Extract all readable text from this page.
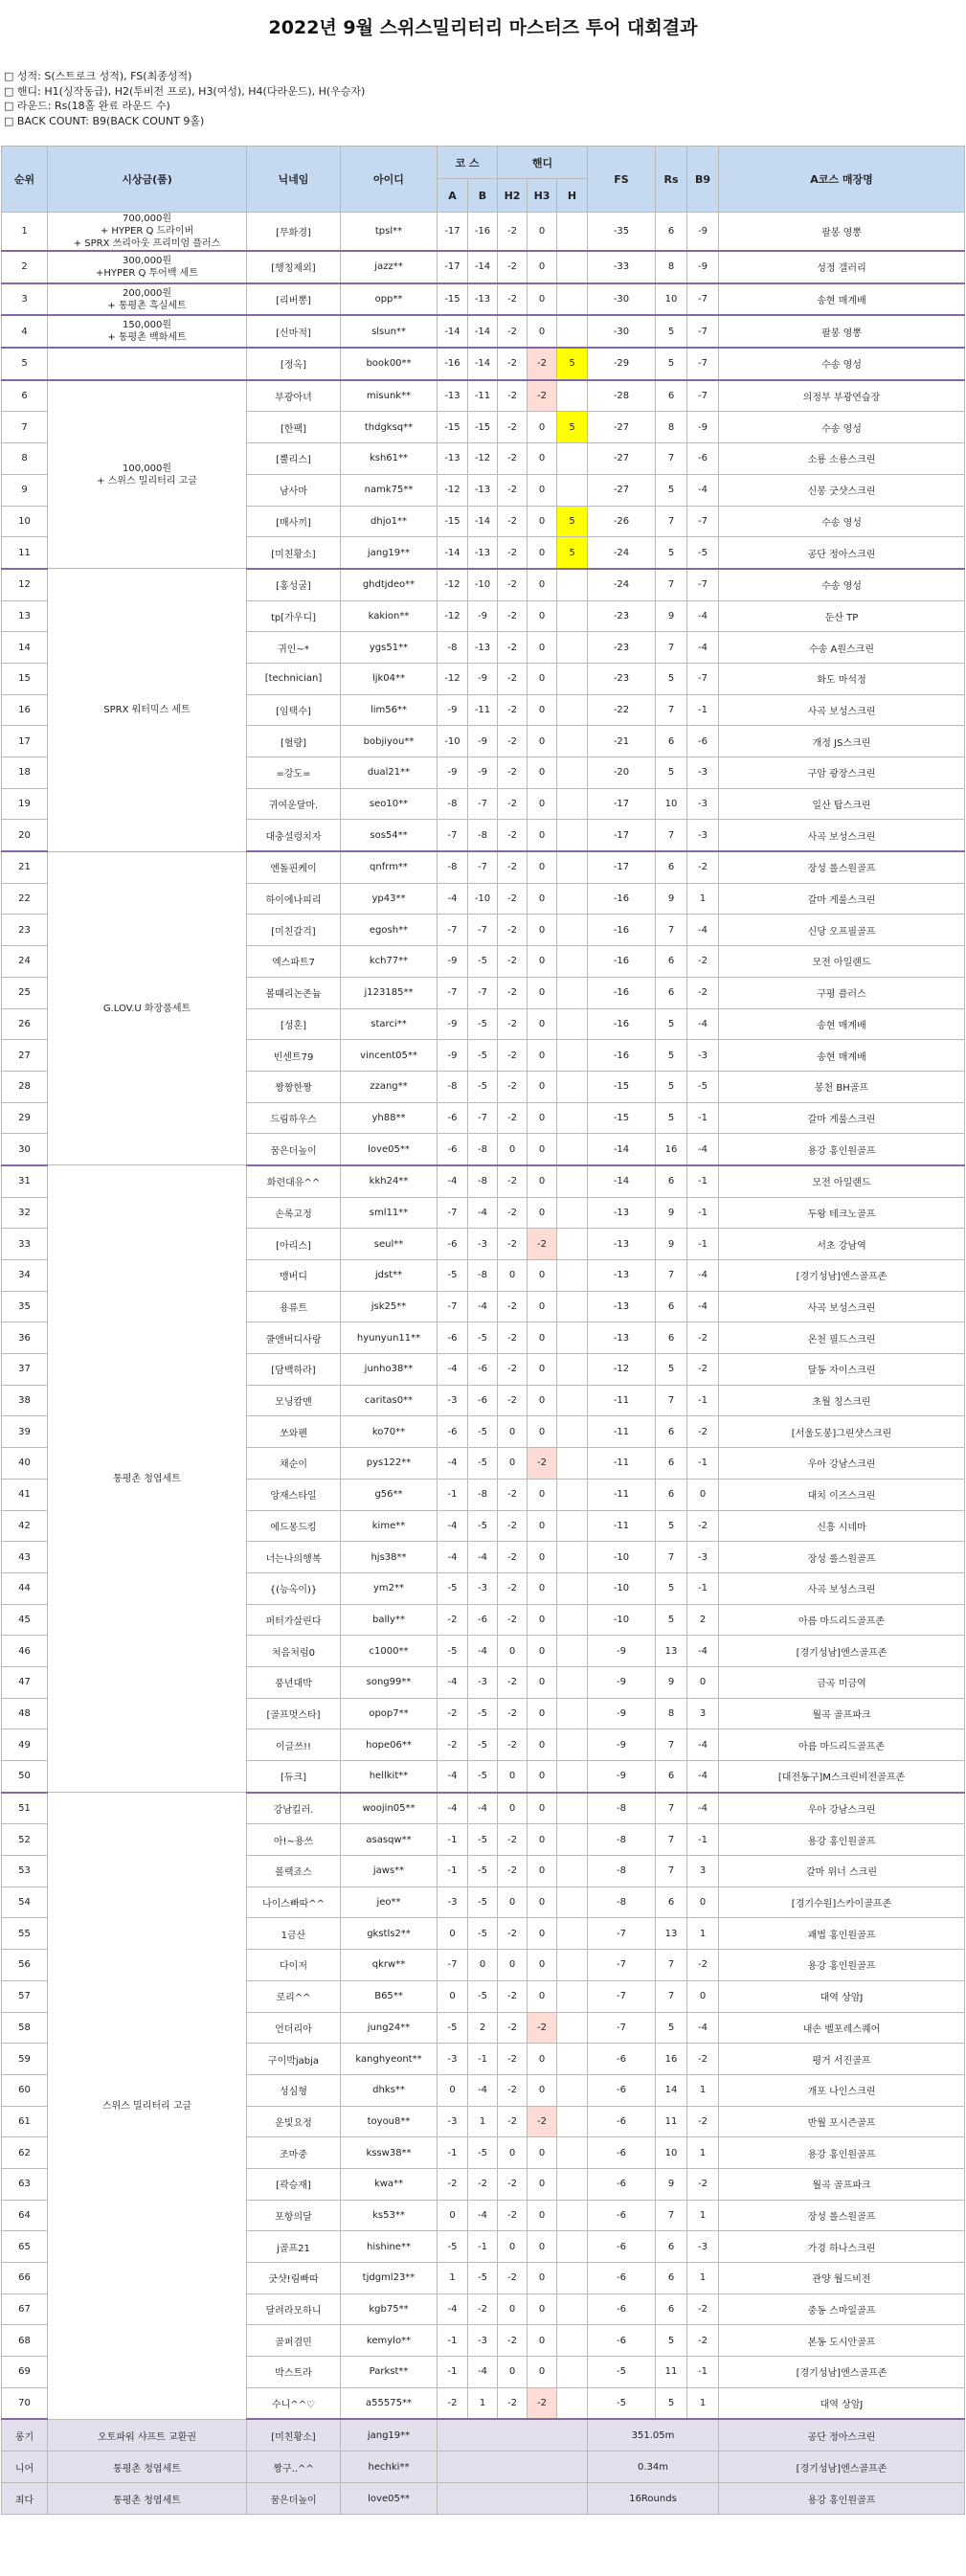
2022년 9월 스위스밀리터리 마스터즈 투어 대회결과
□ 성적: S(스트로크 성적), FS(최종성적)
□ 핸디: H1(싱작동급), H2(투비전 프로), H3(여성), H4(다라운드), H(우승자)
□ 라운드: Rs(18홀 완료 라운드 수)
□ BACK COUNT: B9(BACK COUNT 9홀)
순위	시상금(품)	닉네임	아이디	코 스		핸디			FS	Rs	B9	A코스 매장명
				A	B	H2	H3	H				
1	700,000원
+ HYPER Q 드라이버
+ SPRX 쓰리아웃 프리미엄 플러스	[무화경]	tpsl**	-17	-16	-2	0		-35	6	-9	팔봉 영뽕
2	300,000원
+HYPER Q 투어백 세트	[행칭제외]	jazz**	-17	-14	-2	0		-33	8	-9	성정 갤러리
3	200,000원
+ 통평촌 흑실세트	[리버뽕]	opp**	-15	-13	-2	0		-30	10	-7	송현 매계배
4	150,000원
+ 통평촌 백화세트	[신마적]	slsun**	-14	-14	-2	0		-30	5	-7	팔봉 영뽕
5		[정옥]	book00**	-16	-14	-2	-2	5	-29	5	-7	수송 영성
6	100,000원
+ 스위스 밀리터리 고글	부광아녀	misunk**	-13	-11	-2	-2		-28	6	-7	의정부 부광연습장
7		[한팩]	thdgksq**	-15	-15	-2	0	5	-27	8	-9	수송 영성
8		[뿔리스]	ksh61**	-13	-12	-2	0		-27	7	-6	소룡 소룡스크린
9		남사마	namk75**	-12	-13	-2	0		-27	5	-4	신봉 굿샷스크린
10		[매사끼]	dhjo1**	-15	-14	-2	0	5	-26	7	-7	수송 영성
11		[미친황소]	jang19**	-14	-13	-2	0	5	-24	5	-5	공단 정아스크린
12	SPRX 워터믹스 세트	[홍성굴]	ghdtjdeo**	-12	-10	-2	0		-24	7	-7	수송 영성
13		tp[가우디]	kakion**	-12	-9	-2	0		-23	9	-4	둔산 TP
14		귀인~*	ygs51**	-8	-13	-2	0		-23	7	-4	수송 A원스크린
15		[technician]	ljk04**	-12	-9	-2	0		-23	5	-7	화도 마석정
16		[임택수]	lim56**	-9	-11	-2	0		-22	7	-1	사곡 보성스크린
17		[혈량]	bobjiyou**	-10	-9	-2	0		-21	6	-6	개정 JS스크린
18		=강도=	dual21**	-9	-9	-2	0		-20	5	-3	구암 광장스크린
19		귀여운달마.	seo10**	-8	-7	-2	0		-17	10	-3	일산 탑스크린
20		대충설렁치자	sos54**	-7	-8	-2	0		-17	7	-3	사곡 보성스크린
21	G.LOV.U 화장품세트	엔돌핀케이	qnfrm**	-8	-7	-2	0		-17	6	-2	장성 롤스원골프
22		하이에나피리	yp43**	-4	-10	-2	0		-16	9	1	갈마 게룰스크린
23		[미친갈걱]	egosh**	-7	-7	-2	0		-16	7	-4	신당 오프필골프
24		엑스파트7	kch77**	-9	-5	-2	0		-16	6	-2	모전 아일랜드
25		볼떄리논존늄	j123185**	-7	-7	-2	0		-16	6	-2	구평 플러스
26		[성혼]	starci**	-9	-5	-2	0		-16	5	-4	송현 매계배
27		빈센트79	vincent05**	-9	-5	-2	0		-16	5	-3	송현 매계배
28		짱짱한짱	zzang**	-8	-5	-2	0		-15	5	-5	봉천 BH골프
29		드림하우스	yh88**	-6	-7	-2	0		-15	5	-1	갈마 게룰스크린
30		꿈은더높이	love05**	-6	-8	0	0		-14	16	-4	용강 홍인원골프
31	통평촌 청엽세트	화련대유^^	kkh24**	-4	-8	-2	0		-14	6	-1	모전 아일랜드
32		손록고정	sml11**	-7	-4	-2	0		-13	9	-1	두왕 테크노골프
33		[아리스]	seul**	-6	-3	-2	-2		-13	9	-1	서초 강남역
34		맹버디	jdst**	-5	-8	0	0		-13	7	-4	[경기성남]엔스골프존
35		용류트	jsk25**	-7	-4	-2	0		-13	6	-4	사곡 보성스크린
36		쿨앤버디사랑	hyunyun11**	-6	-5	-2	0		-13	6	-2	온천 필드스크린
37		[담백하라]	junho38**	-4	-6	-2	0		-12	5	-2	달동 자이스크린
38		모닝캄맨	caritas0**	-3	-6	-2	0		-11	7	-1	초월 칭스크린
39		쏘와펜	ko70**	-6	-5	0	0		-11	6	-2	[서울도봉]그린샷스크린
40		채순이	pys122**	-4	-5	0	-2		-11	6	-1	우아 강남스크린
41		앙재스타일	g56**	-1	-8	-2	0		-11	6	0	대치 이즈스크린
42		에드몽드킹	kime**	-4	-5	-2	0		-11	5	-2	신흥 시네마
43		너는나의행복	hjs38**	-4	-4	-2	0		-10	7	-3	장성 롤스원골프
44		{(능옥이)}	ym2**	-5	-3	-2	0		-10	5	-1	사곡 보성스크린
45		퍼터가살린다	bally**	-2	-6	-2	0		-10	5	2	아름 마드리드골프존
46		처음처럼0	c1000**	-5	-4	0	0		-9	13	-4	[경기성남]엔스골프존
47		풍년대박	song99**	-4	-3	-2	0		-9	9	0	금곡 미금역
48		[골프멋스타]	opop7**	-2	-5	-2	0		-9	8	3	월곡 골프파크
49		이글쓰!!	hope06**	-2	-5	-2	0		-9	7	-4	아름 마드리드골프존
50		[듀크]	hellkit**	-4	-5	0	0		-9	6	-4	[대전동구]M스크린비전골프존
51	스위스 밀리터리 고글	강남킬러.	woojin05**	-4	-4	0	0		-8	7	-4	우아 강남스크린
52		아!~용쓰	asasqw**	-1	-5	-2	0		-8	7	-1	용강 홍인원골프
53		볼랙죠스	jaws**	-1	-5	-2	0		-8	7	3	갈마 위너 스크린
54		나이스빠따^^	jeo**	-3	-5	0	0		-8	6	0	[경기수원]스카이골프존
55		1금산	gkstls2**	0	-5	-2	0		-7	13	1	괘법 홍인원골프
56		다이저	qkrw**	-7	0	0	0		-7	7	-2	용강 홍인원골프
57		로리^^	B65**	0	-5	-2	0		-7	7	0	대역 상암J
58		언더리아	jung24**	-5	2	-2	-2		-7	5	-4	내손 벨포레스퀘어
59		구이박jabja	kanghyeont**	-3	-1	-2	0		-6	16	-2	평거 서진골프
60		성심형	dhks**	0	-4	-2	0		-6	14	1	개포 나인스크린
61		운빛요정	toyou8**	-3	1	-2	-2		-6	11	-2	반월 포시즌골프
62		조마중	kssw38**	-1	-5	0	0		-6	10	1	용강 홍인원골프
63		[곽승재]	kwa**	-2	-2	-2	0		-6	9	-2	월곡 골프파크
64		포항의달	ks53**	0	-4	-2	0		-6	7	1	장성 롤스원골프
65		j골프21	hishine**	-5	-1	0	0		-6	6	-3	가경 하나스크린
66		굿샷!림빠따	tjdgml23**	1	-5	-2	0		-6	6	1	관양 월드비전
67		달려라모하니	kgb75**	-4	-2	0	0		-6	6	-2	중동 스마일골프
68		골퍼겸민	kemylo**	-1	-3	-2	0		-6	5	-2	본동 도시안골프
69		박스트라	Parkst**	-1	-4	0	0		-5	11	-1	[경기성남]엔스골프존
70		수니^^♡	a55575**	-2	1	-2	-2		-5	5	1	대역 상암J
롱기	오토파워 샤프트 교환권	[미친황소]	jang19**						351.05m			공단 정아스크린
니어	통평촌 청엽세트	짱구..^^	hechki**						0.34m			[경기성남]엔스골프존
최다	통평촌 청엽세트	꿈은더높이	love05**						16Rounds			용강 홍인원골프
